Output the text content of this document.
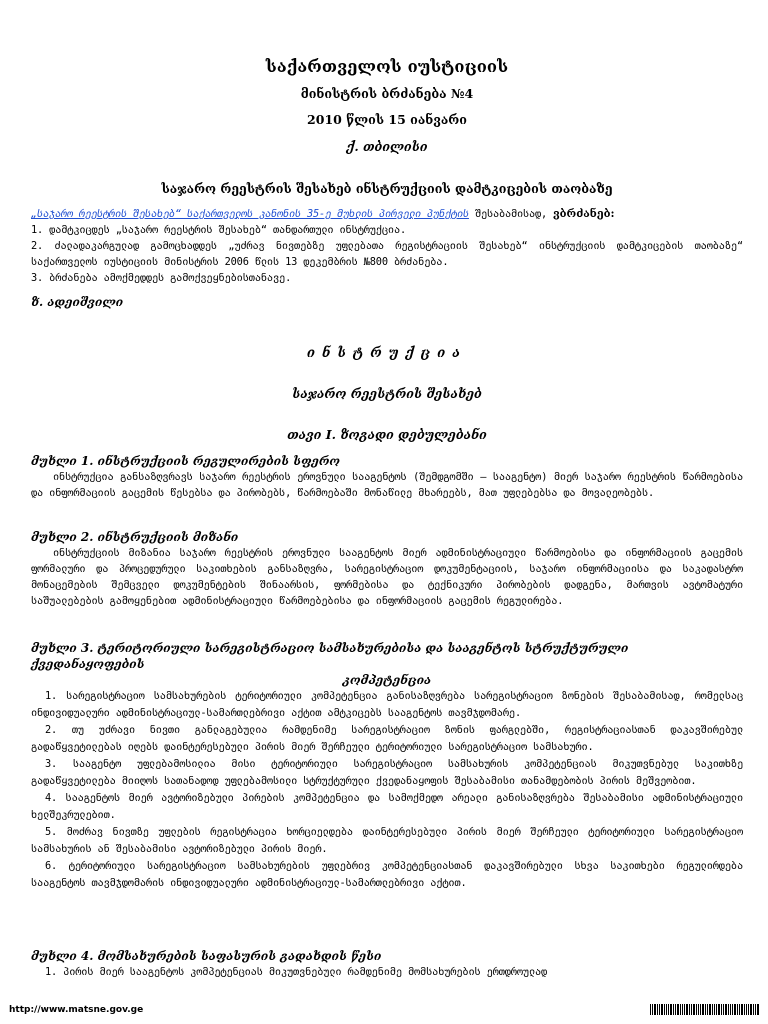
საქართველოს იუსტიციის
მინისტრის ბრძანება №4
2010 წლის 15 იანვარი
ქ. თბილისი
საჯარო რეესტრის შესახებ ინსტრუქციის დამტკიცების თაობაზე
„საჯარო რეესტრის შესახებ“ საქართველოს კანონის 35-ე მუხლის პირველი პუნქტის შესაბამისად, ვბრძანებ:

1. დამტკიცდეს „საჯარო რეესტრის შესახებ“ თანდართული ინსტრუქცია.

2. ძალადაკარგულად გამოცხადდეს „უძრავ ნივთებზე უფლებათა რეგისტრაციის შესახებ“ ინსტრუქციის დამტკიცების თაობაზე“ საქართველოს იუსტიციის მინისტრის 2006 წლის 13 დეკემბრის №800 ბრძანება.

3. ბრძანება ამოქმედდეს გამოქვეყნებისთანავე.

ზ. ადეიშვილი
ინსტრუქცია
საჯარო რეესტრის შესახებ
თავი I. ზოგადი დებულებანი

მუხლი 1. ინსტრუქციის რეგულირების სფერო

ინსტრუქცია განსაზღვრავს საჯარო რეესტრის ეროვნული სააგენტოს (შემდგომში – სააგენტო) მიერ საჯარო რეესტრის წარმოებისა და ინფორმაციის გაცემის წესებსა და პირობებს, წარმოებაში მონაწილე მხარეებს, მათ უფლებებსა და მოვალეობებს.

მუხლი 2. ინსტრუქციის მიზანი

ინსტრუქციის მიზანია საჯარო რეესტრის ეროვნული სააგენტოს მიერ ადმინისტრაციული წარმოებისა და ინფორმაციის გაცემის ფორმალური და პროცედურული საკითხების განსაზღვრა, სარეგისტრაციო დოკუმენტაციის, საჯარო ინფორმაციისა და საკადასტრო მონაცემების შემცველი დოკუმენტების შინაარსის, ფორმებისა და ტექნიკური პირობების დადგენა, მართვის ავტომატური საშუალებების გამოყენებით ადმინისტრაციული წარმოებებისა და ინფორმაციის გაცემის რეგულირება.

მუხლი 3. ტერიტორიული სარეგისტრაციო სამსახურებისა და სააგენტოს სტრუქტურული ქვედანაყოფების

კომპეტენცია

1. სარეგისტრაციო სამსახურების ტერიტორიული კომპეტენცია განისაზღვრება სარეგისტრაციო ზონების შესაბამისად, რომელსაც ინდივიდუალური ადმინისტრაციულ-სამართლებრივი აქტით ამტკიცებს სააგენტოს თავმჯდომარე.

2. თუ უძრავი ნივთი განლაგებულია რამდენიმე სარეგისტრაციო ზონის ფარგლებში, რეგისტრაციასთან დაკავშირებულ გადაწყვეტილებას იღებს დაინტერესებული პირის მიერ შერჩეული ტერიტორიული სარეგისტრაციო სამსახური.

3. სააგენტო უფლებამოსილია მისი ტერიტორიული სარეგისტრაციო სამსახურის კომპეტენციას მიკუთვნებულ საკითხზე გადაწყვეტილება მიიღოს სათანადოდ უფლებამოსილი სტრუქტურული ქვედანაყოფის შესაბამისი თანამდებობის პირის მეშვეობით.

4. სააგენტოს მიერ ავტორიზებული პირების კომპეტენცია და სამოქმედო არეალი განისაზღვრება შესაბამისი ადმინისტრაციული ხელშეკრულებით.

5. მოძრავ ნივთზე უფლების რეგისტრაცია ხორციელდება დაინტერესებული პირის მიერ შერჩეული ტერიტორიული სარეგისტრაციო სამსახურის ან შესაბამისი ავტორიზებული პირის მიერ.

6. ტერიტორიული სარეგისტრაციო სამსახურების უფლებრივ კომპეტენციასთან დაკავშირებული სხვა საკითხები რეგულირდება სააგენტოს თავმჯდომარის ინდივიდუალური ადმინისტრაციულ-სამართლებრივი აქტით.

მუხლი 4. მომსახურების საფასურის გადახდის წესი

1. პირის მიერ სააგენტოს კომპეტენციას მიკუთვნებული რამდენიმე მომსახურების ერთდროულად

http://www.matsne.gov.ge
